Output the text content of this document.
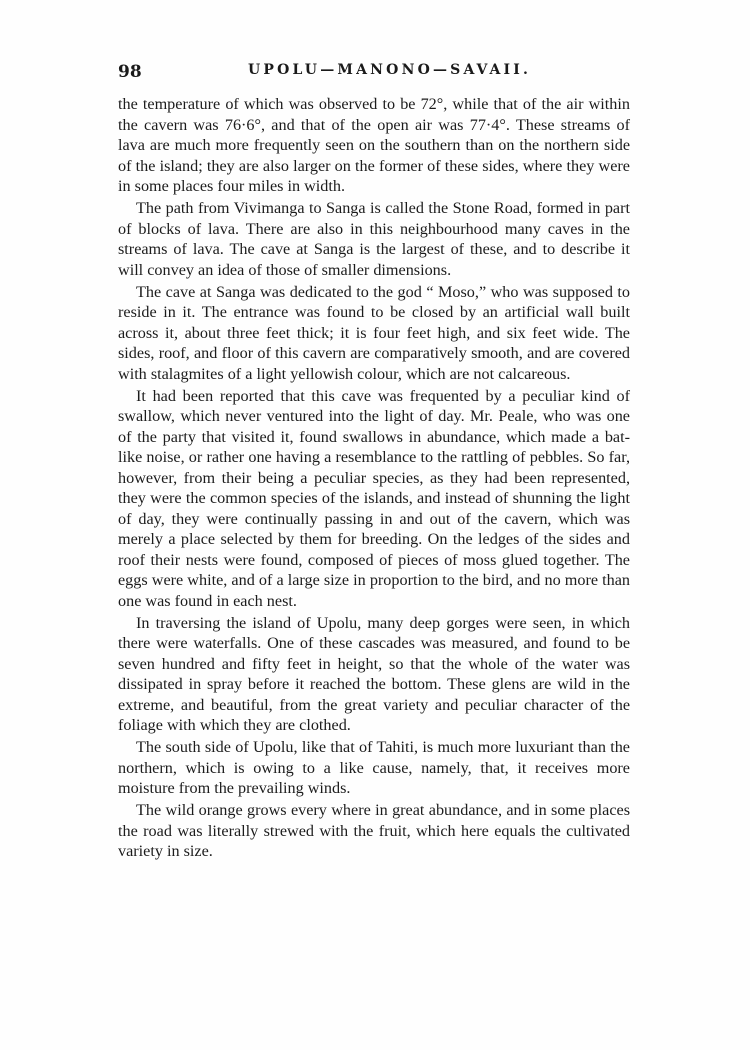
98	UPOLU—MANONO—SAVAII.

the temperature of which was observed to be 72°, while that of the air within the cavern was 76·6°, and that of the open air was 77·4°. These streams of lava are much more frequently seen on the southern than on the northern side of the island; they are also larger on the former of these sides, where they were in some places four miles in width.

The path from Vivimanga to Sanga is called the Stone Road, formed in part of blocks of lava. There are also in this neighbourhood many caves in the streams of lava. The cave at Sanga is the largest of these, and to describe it will convey an idea of those of smaller dimensions.

The cave at Sanga was dedicated to the god “ Moso,” who was supposed to reside in it. The entrance was found to be closed by an artificial wall built across it, about three feet thick; it is four feet high, and six feet wide. The sides, roof, and floor of this cavern are comparatively smooth, and are covered with stalagmites of a light yellowish colour, which are not calcareous.

It had been reported that this cave was frequented by a peculiar kind of swallow, which never ventured into the light of day. Mr. Peale, who was one of the party that visited it, found swallows in abundance, which made a bat-like noise, or rather one having a resemblance to the rattling of pebbles. So far, however, from their being a peculiar species, as they had been represented, they were the common species of the islands, and instead of shunning the light of day, they were continually passing in and out of the cavern, which was merely a place selected by them for breeding. On the ledges of the sides and roof their nests were found, composed of pieces of moss glued together. The eggs were white, and of a large size in proportion to the bird, and no more than one was found in each nest.

In traversing the island of Upolu, many deep gorges were seen, in which there were waterfalls. One of these cascades was measured, and found to be seven hundred and fifty feet in height, so that the whole of the water was dissipated in spray before it reached the bottom. These glens are wild in the extreme, and beautiful, from the great variety and peculiar character of the foliage with which they are clothed.

The south side of Upolu, like that of Tahiti, is much more luxuriant than the northern, which is owing to a like cause, namely, that, it receives more moisture from the prevailing winds.

The wild orange grows every where in great abundance, and in some places the road was literally strewed with the fruit, which here equals the cultivated variety in size.
